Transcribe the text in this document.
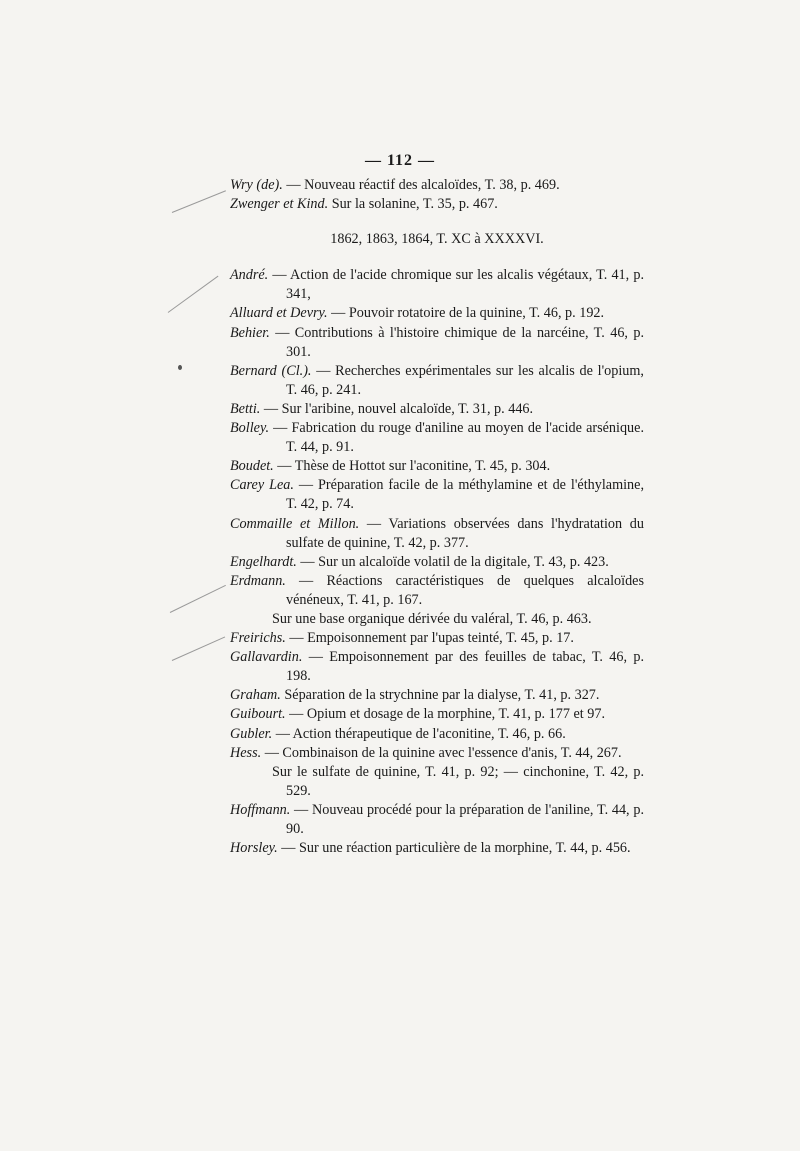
— 112 —

Wry (de). — Nouveau réactif des alcaloïdes, T. 38, p. 469.

Zwenger et Kind. Sur la solanine, T. 35, p. 467.

1862, 1863, 1864, T. XC à XXXXVI.

André. — Action de l'acide chromique sur les alcalis végétaux, T. 41, p. 341,

Alluard et Devry. — Pouvoir rotatoire de la quinine, T. 46, p. 192.

Behier. — Contributions à l'histoire chimique de la narcéine, T. 46, p. 301.

Bernard (Cl.). — Recherches expérimentales sur les alcalis de l'opium, T. 46, p. 241.

Betti. — Sur l'aribine, nouvel alcaloïde, T. 31, p. 446.

Bolley. — Fabrication du rouge d'aniline au moyen de l'acide arsénique. T. 44, p. 91.

Boudet. — Thèse de Hottot sur l'aconitine, T. 45, p. 304.

Carey Lea. — Préparation facile de la méthylamine et de l'éthylamine, T. 42, p. 74.

Commaille et Millon. — Variations observées dans l'hydratation du sulfate de quinine, T. 42, p. 377.

Engelhardt. — Sur un alcaloïde volatil de la digitale, T. 43, p. 423.

Erdmann. — Réactions caractéristiques de quelques alcaloïdes vénéneux, T. 41, p. 167.

Sur une base organique dérivée du valéral, T. 46, p. 463.

Freirichs. — Empoisonnement par l'upas teinté, T. 45, p. 17.

Gallavardin. — Empoisonnement par des feuilles de tabac, T. 46, p. 198.

Graham. Séparation de la strychnine par la dialyse, T. 41, p. 327.

Guibourt. — Opium et dosage de la morphine, T. 41, p. 177 et 97.

Gubler. — Action thérapeutique de l'aconitine, T. 46, p. 66.

Hess. — Combinaison de la quinine avec l'essence d'anis, T. 44, 267.

Sur le sulfate de quinine, T. 41, p. 92; — cinchonine, T. 42, p. 529.

Hoffmann. — Nouveau procédé pour la préparation de l'aniline, T. 44, p. 90.

Horsley. — Sur une réaction particulière de la morphine, T. 44, p. 456.
